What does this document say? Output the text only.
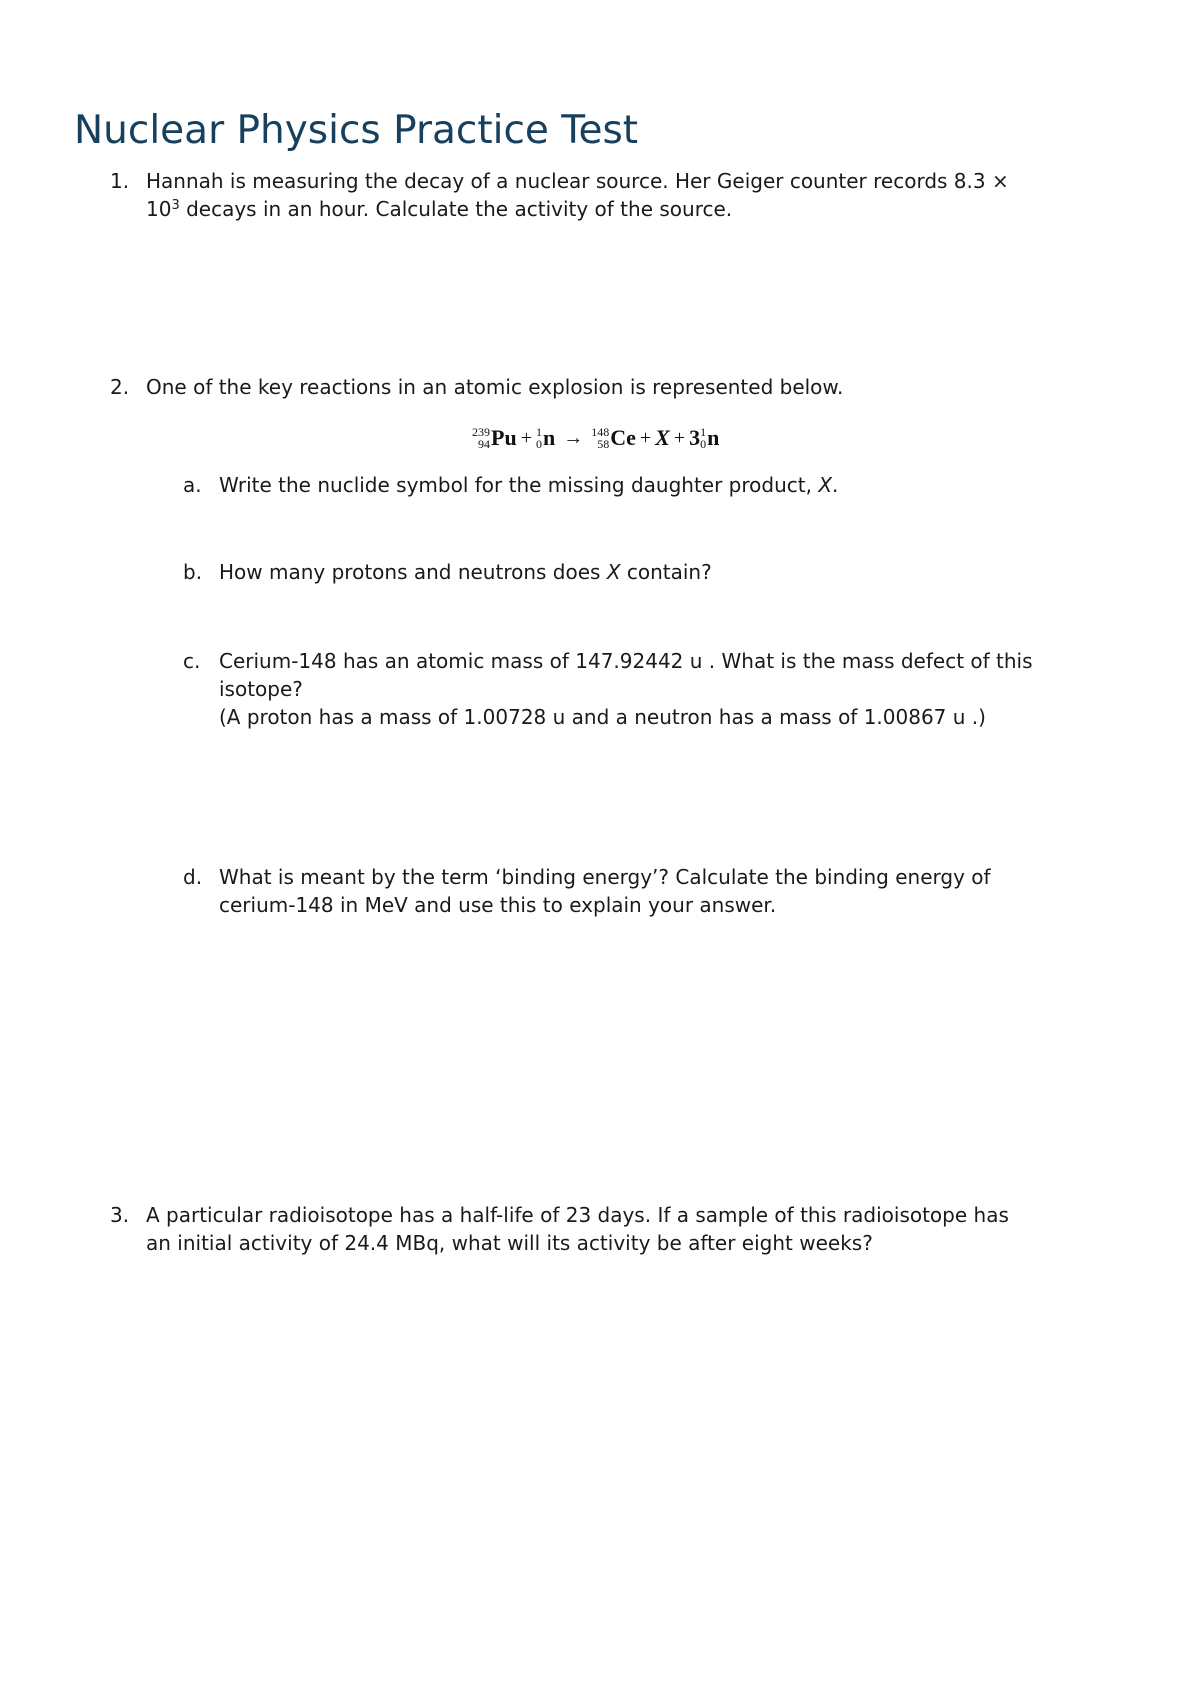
Nuclear Physics Practice Test
1. Hannah is measuring the decay of a nuclear source. Her Geiger counter records 8.3 ×
$10^3$ decays in an hour. Calculate the activity of the source.
2. One of the key reactions in an atomic explosion is represented below.
239
94 Pu + 1
0 n → 148
58 Ce + X + 3 1
0 n
a. Write the nuclide symbol for the missing daughter product, X.
b. How many protons and neutrons does X contain?
c. Cerium-148 has an atomic mass of 147.92442 u . What is the mass defect of this
isotope?
(A proton has a mass of 1.00728 u and a neutron has a mass of 1.00867 u .)
d. What is meant by the term ‘binding energy’? Calculate the binding energy of
cerium-148 in MeV and use this to explain your answer.
3. A particular radioisotope has a half-life of 23 days. If a sample of this radioisotope has
an initial activity of 24.4 MBq, what will its activity be after eight weeks?
